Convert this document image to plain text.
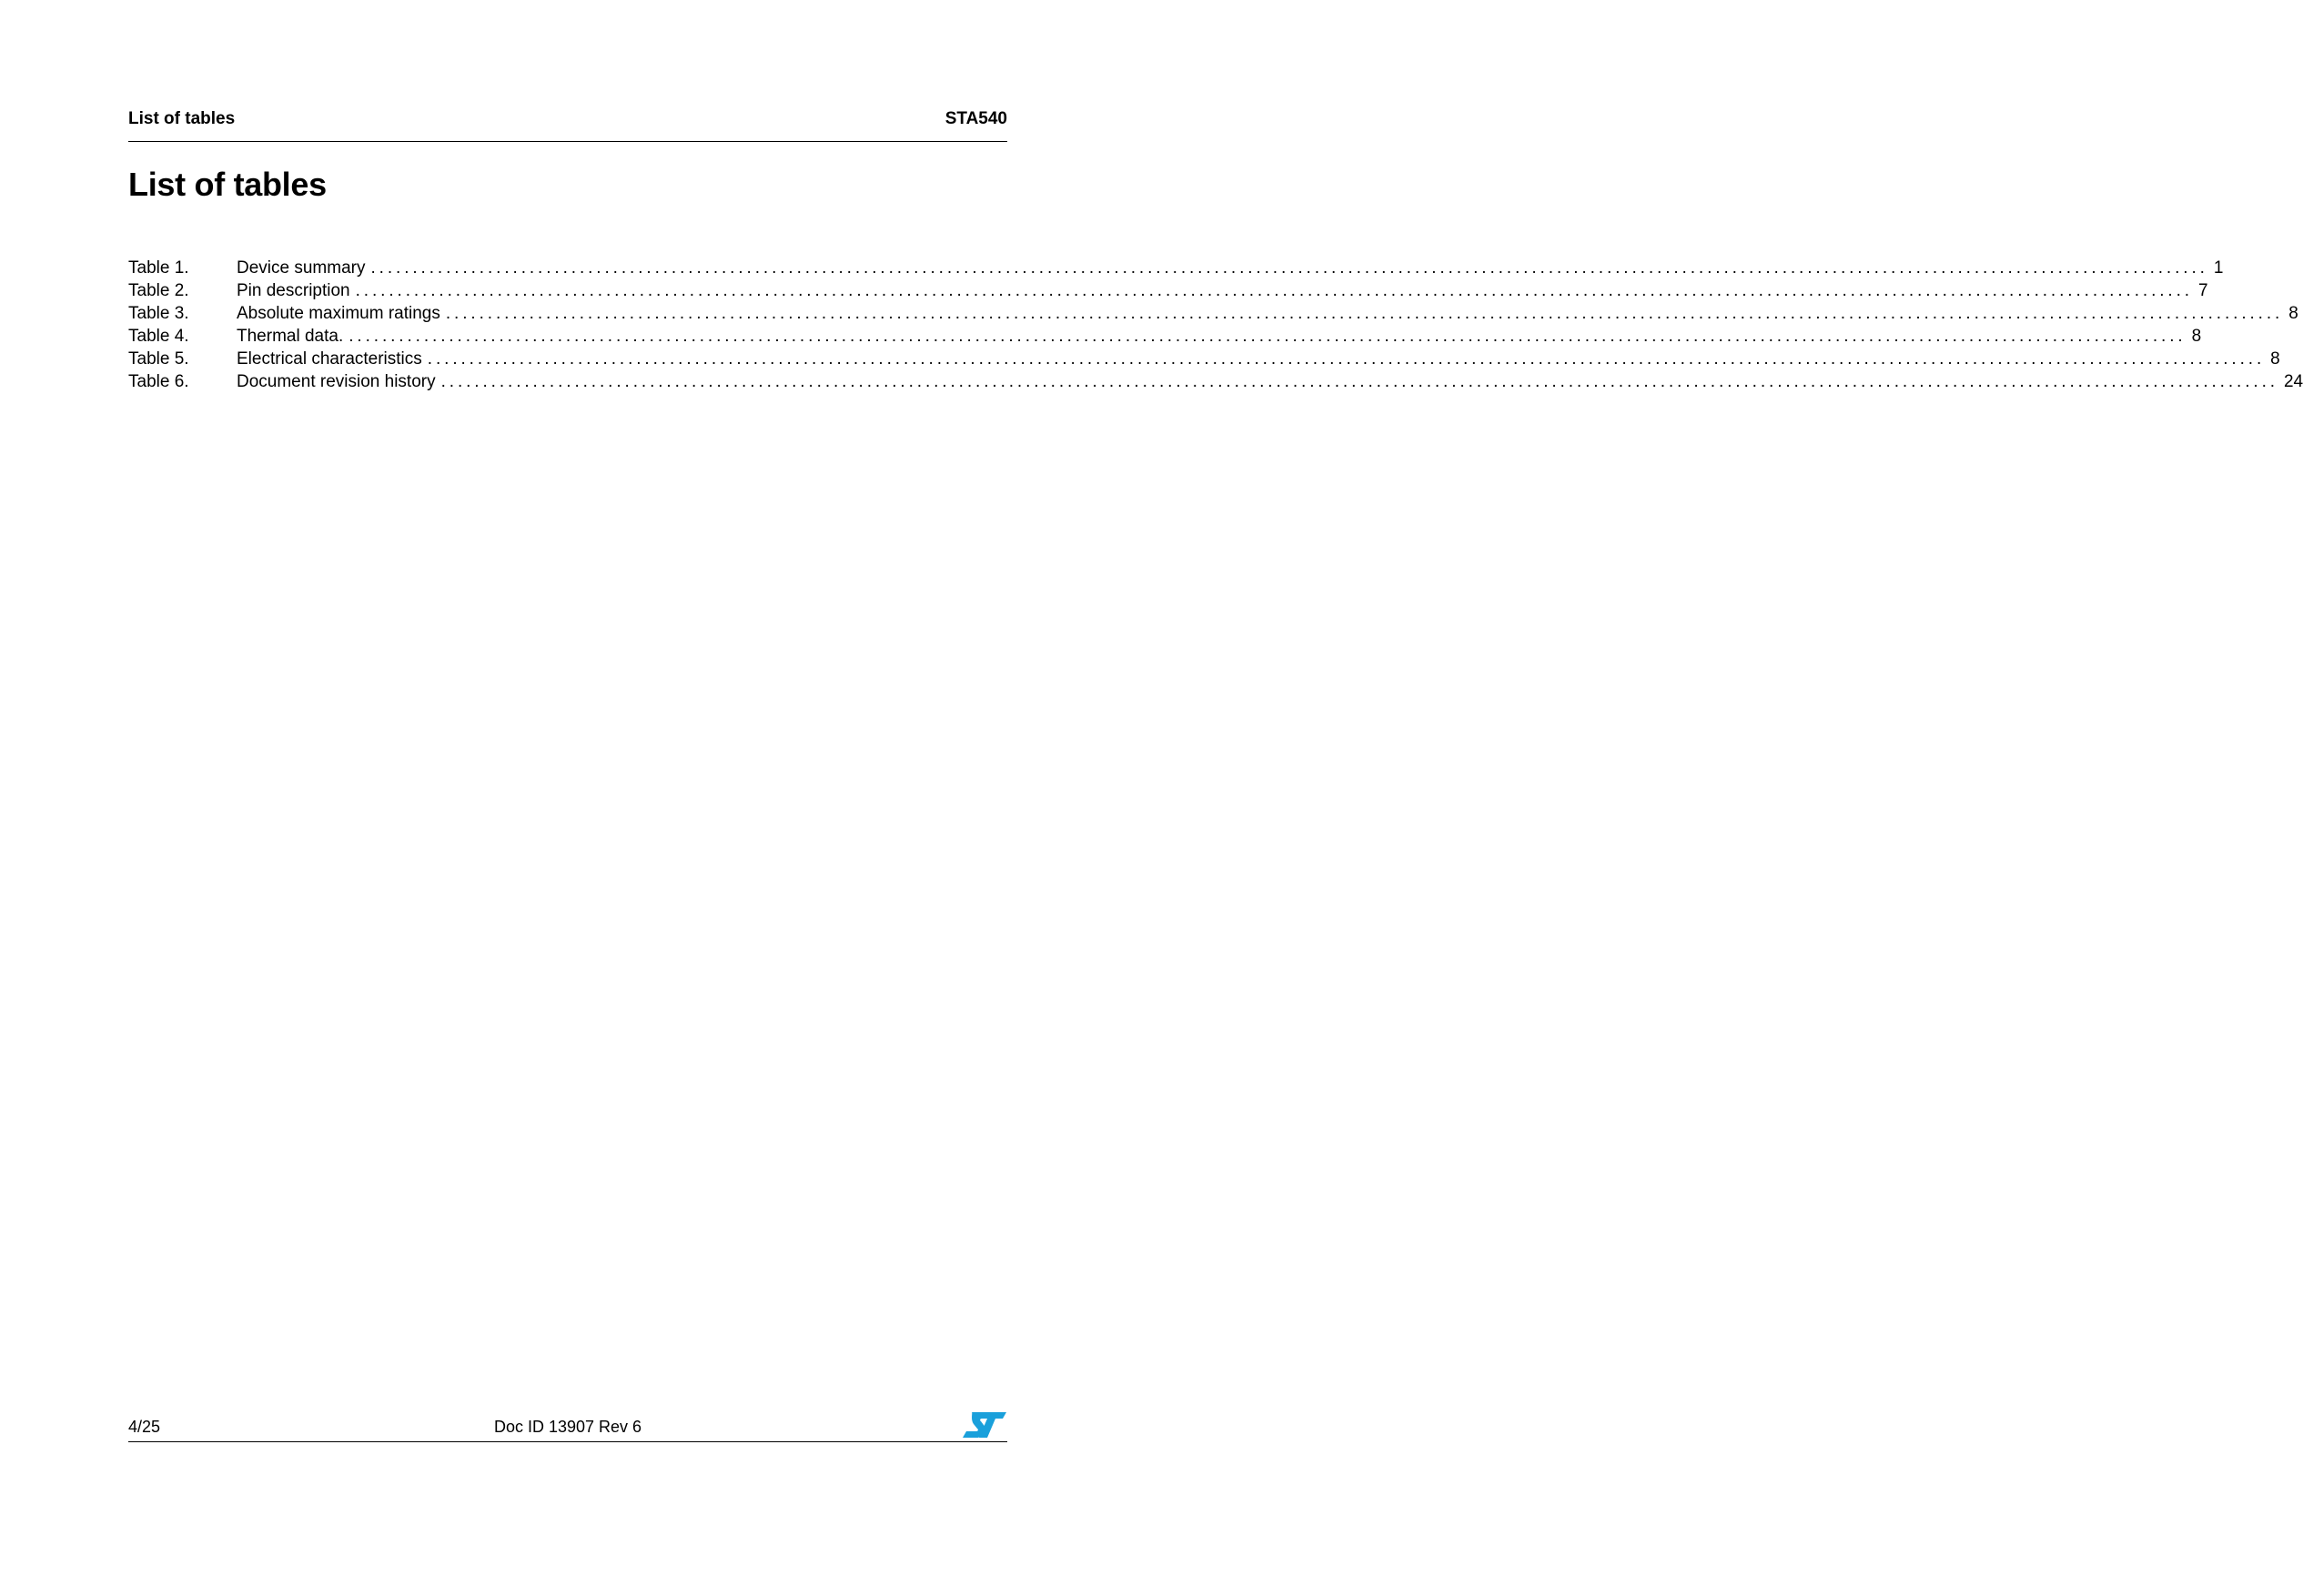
List of tables	STA540
List of tables
Table 1.	Device summary ............................................................................................................................................................................................................................ 1
Table 2.	Pin description ............................................................................................................................................................................................................................ 7
Table 3.	Absolute maximum ratings ............................................................................................................................................................................................................................ 8
Table 4.	Thermal data. ............................................................................................................................................................................................................................ 8
Table 5.	Electrical characteristics ............................................................................................................................................................................................................................ 8
Table 6.	Document revision history ............................................................................................................................................................................................................................ 24
4/25	Doc ID 13907 Rev 6
